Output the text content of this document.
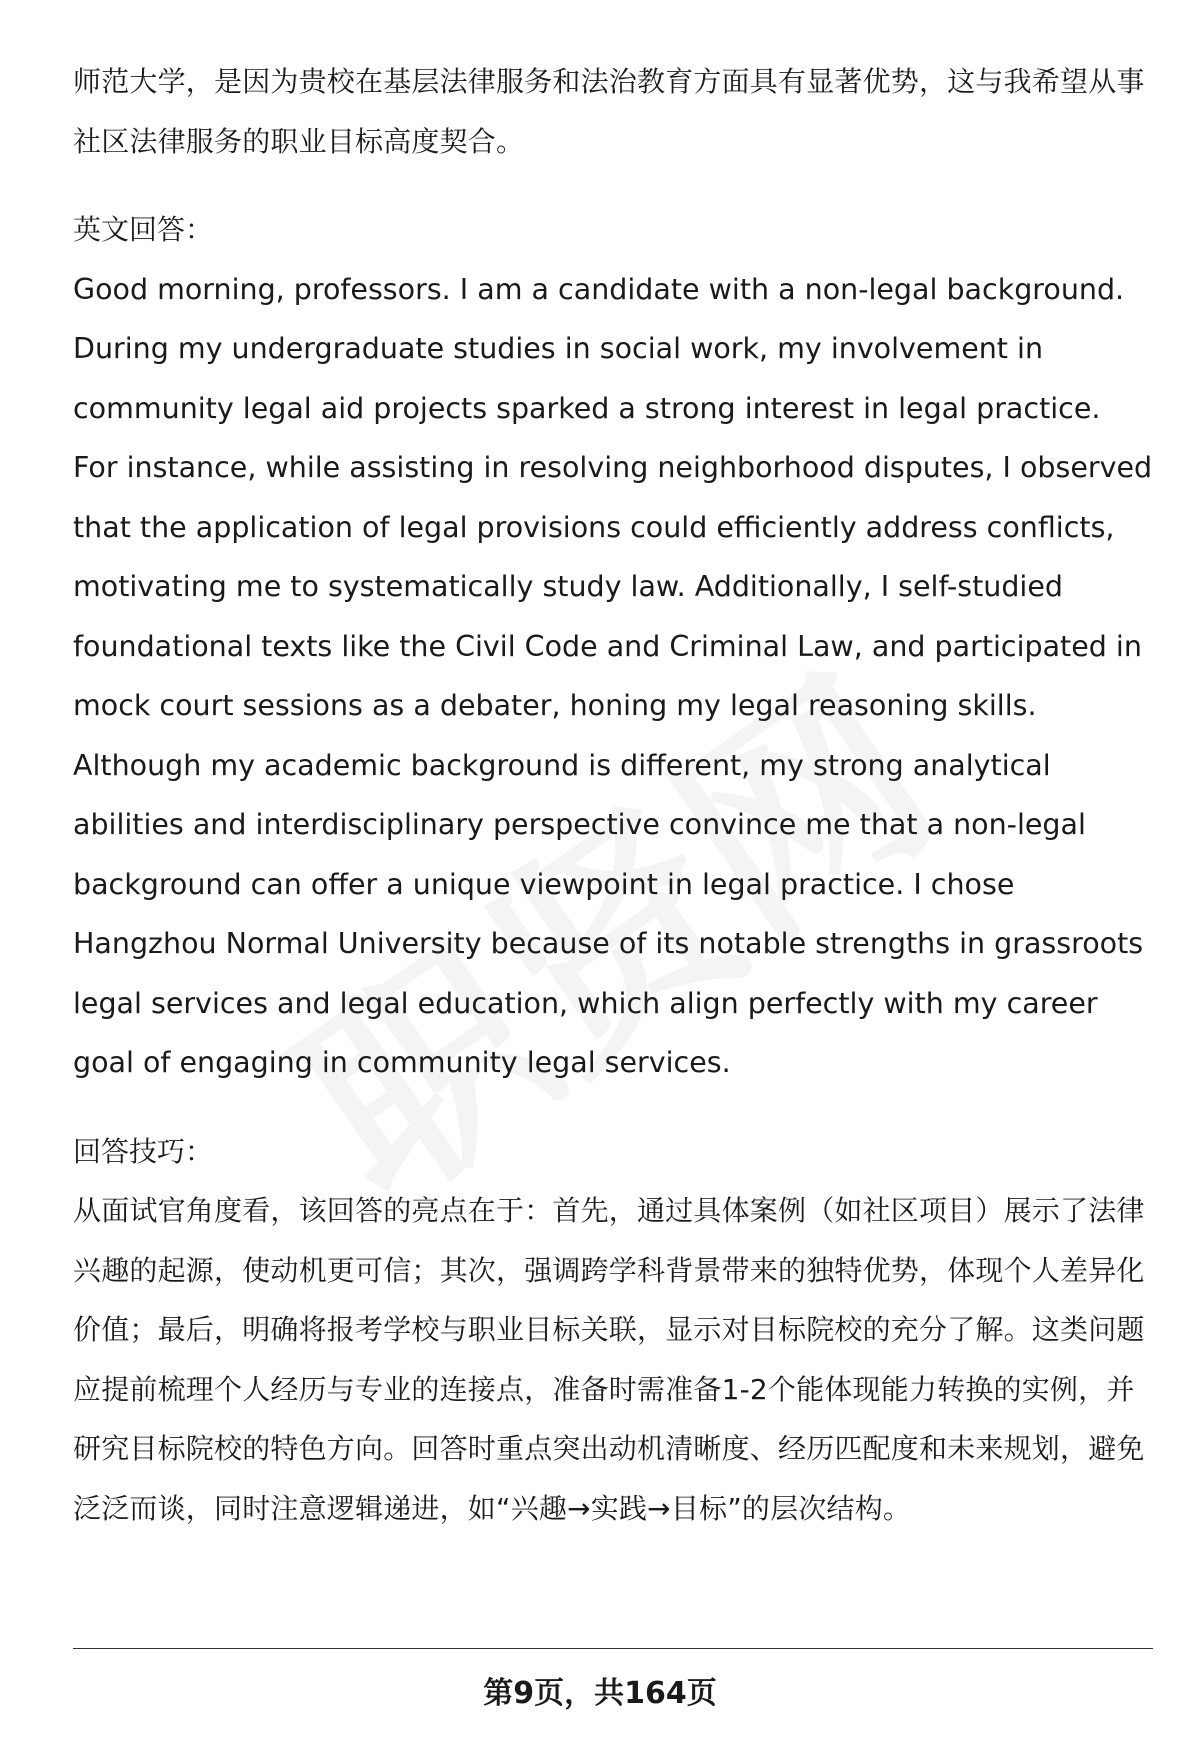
师范大学，是因为贵校在基层法律服务和法治教育方面具有显著优势，这与我希望从事社区法律服务的职业目标高度契合。

英文回答：

Good morning, professors. I am a candidate with a non-legal background. During my undergraduate studies in social work, my involvement in community legal aid projects sparked a strong interest in legal practice. For instance, while assisting in resolving neighborhood disputes, I observed that the application of legal provisions could efficiently address conflicts, motivating me to systematically study law. Additionally, I self-studied foundational texts like the Civil Code and Criminal Law, and participated in mock court sessions as a debater, honing my legal reasoning skills. Although my academic background is different, my strong analytical abilities and interdisciplinary perspective convince me that a non-legal background can offer a unique viewpoint in legal practice. I chose Hangzhou Normal University because of its notable strengths in grassroots legal services and legal education, which align perfectly with my career goal of engaging in community legal services.

回答技巧：

从面试官角度看，该回答的亮点在于：首先，通过具体案例（如社区项目）展示了法律兴趣的起源，使动机更可信；其次，强调跨学科背景带来的独特优势，体现个人差异化价值；最后，明确将报考学校与职业目标关联，显示对目标院校的充分了解。这类问题应提前梳理个人经历与专业的连接点，准备时需准备1-2个能体现能力转换的实例，并研究目标院校的特色方向。回答时重点突出动机清晰度、经历匹配度和未来规划，避免泛泛而谈，同时注意逻辑递进，如“兴趣→实践→目标”的层次结构。

第9页，共164页
